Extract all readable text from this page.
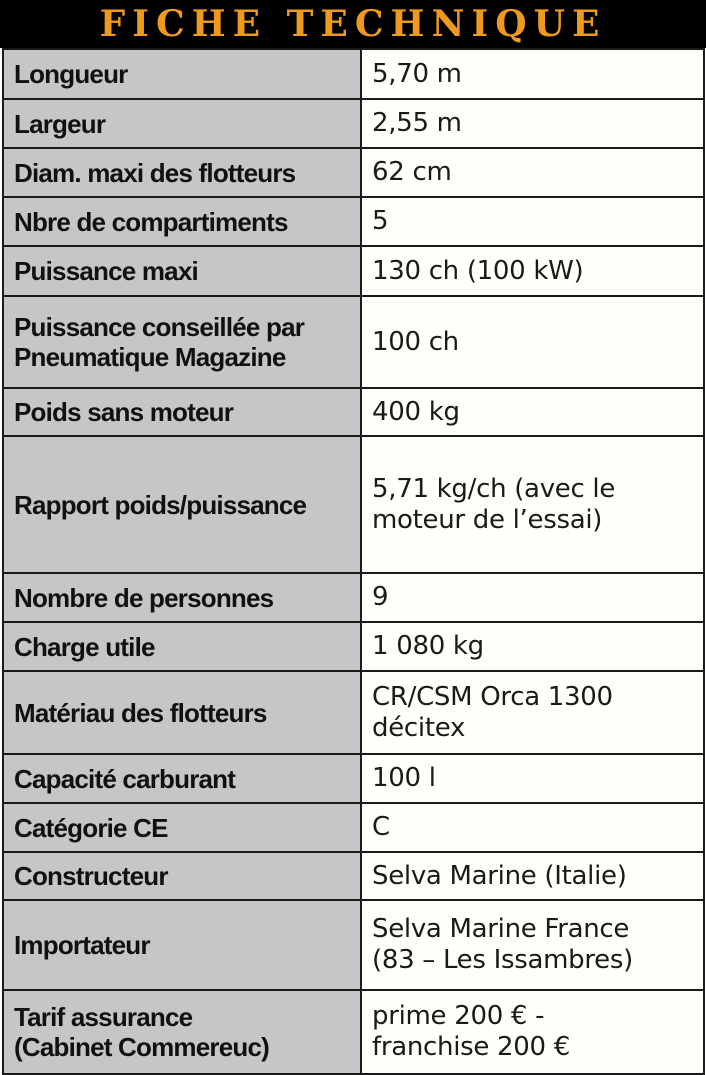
FICHE TECHNIQUE
Longueur	5,70 m

Largeur	2,55 m

Diam. maxi des flotteurs	62 cm

Nbre de compartiments	5

Puissance maxi	130 ch (100 kW)

Puissance conseillée par
Pneumatique Magazine	100 ch

Poids sans moteur	400 kg

Rapport poids/puissance	5,71 kg/ch (avec le
moteur de l’essai)

Nombre de personnes	9

Charge utile	1 080 kg

Matériau des flotteurs	CR/CSM Orca 1300
décitex

Capacité carburant	100 l

Catégorie CE	C

Constructeur	Selva Marine (Italie)

Importateur	Selva Marine France
(83 – Les Issambres)

Tarif assurance
(Cabinet Commereuc)	prime 200 € -
franchise 200 €
